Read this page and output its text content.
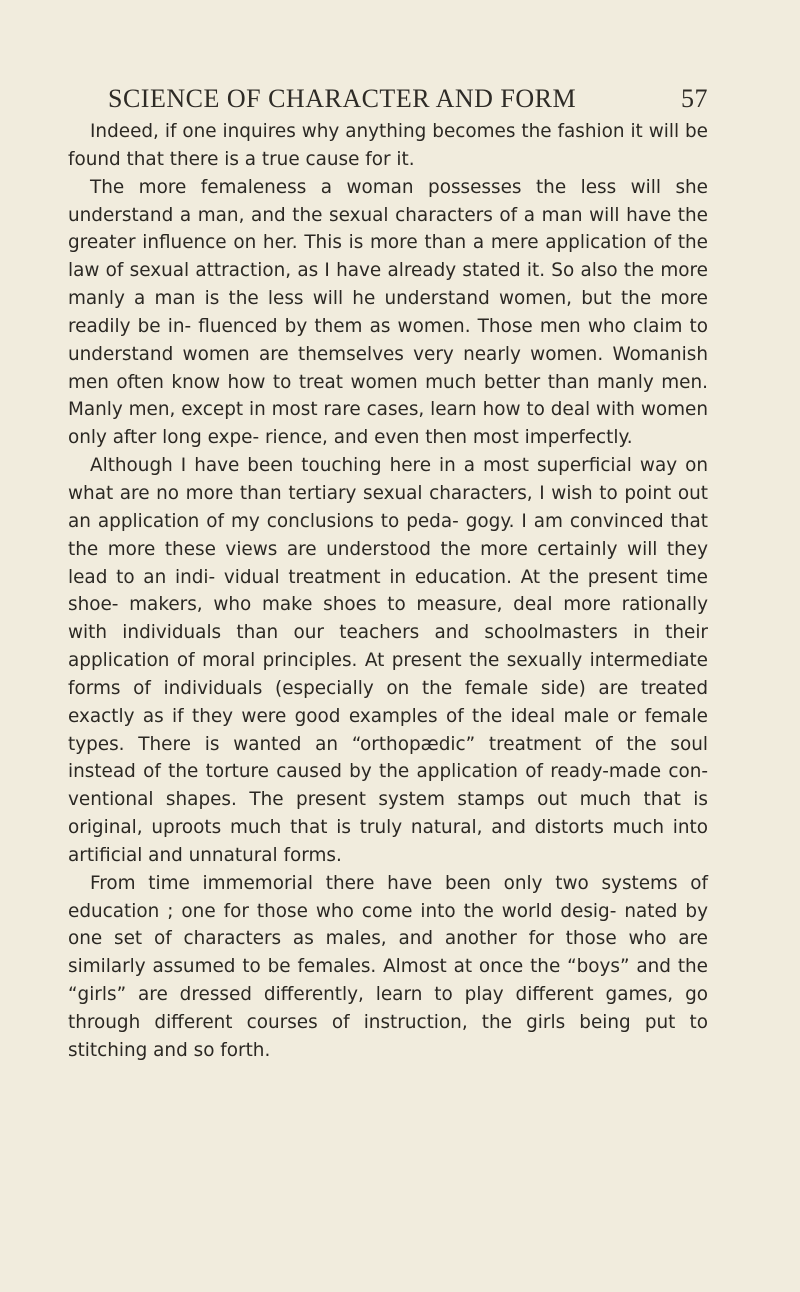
SCIENCE OF CHARACTER AND FORM	57

Indeed, if one inquires why anything becomes the fashion it will be found that there is a true cause for it.

The more femaleness a woman possesses the less will she understand a man, and the sexual characters of a man will have the greater influence on her. This is more than a mere application of the law of sexual attraction, as I have already stated it. So also the more manly a man is the less will he understand women, but the more readily be in- fluenced by them as women. Those men who claim to understand women are themselves very nearly women. Womanish men often know how to treat women much better than manly men. Manly men, except in most rare cases, learn how to deal with women only after long expe- rience, and even then most imperfectly.

Although I have been touching here in a most superficial way on what are no more than tertiary sexual characters, I wish to point out an application of my conclusions to peda- gogy. I am convinced that the more these views are understood the more certainly will they lead to an indi- vidual treatment in education. At the present time shoe- makers, who make shoes to measure, deal more rationally with individuals than our teachers and schoolmasters in their application of moral principles. At present the sexually intermediate forms of individuals (especially on the female side) are treated exactly as if they were good examples of the ideal male or female types. There is wanted an “orthopædic” treatment of the soul instead of the torture caused by the application of ready-made con- ventional shapes. The present system stamps out much that is original, uproots much that is truly natural, and distorts much into artificial and unnatural forms.

From time immemorial there have been only two systems of education ; one for those who come into the world desig- nated by one set of characters as males, and another for those who are similarly assumed to be females. Almost at once the “boys” and the “girls” are dressed differently, learn to play different games, go through different courses of instruction, the girls being put to stitching and so forth.
